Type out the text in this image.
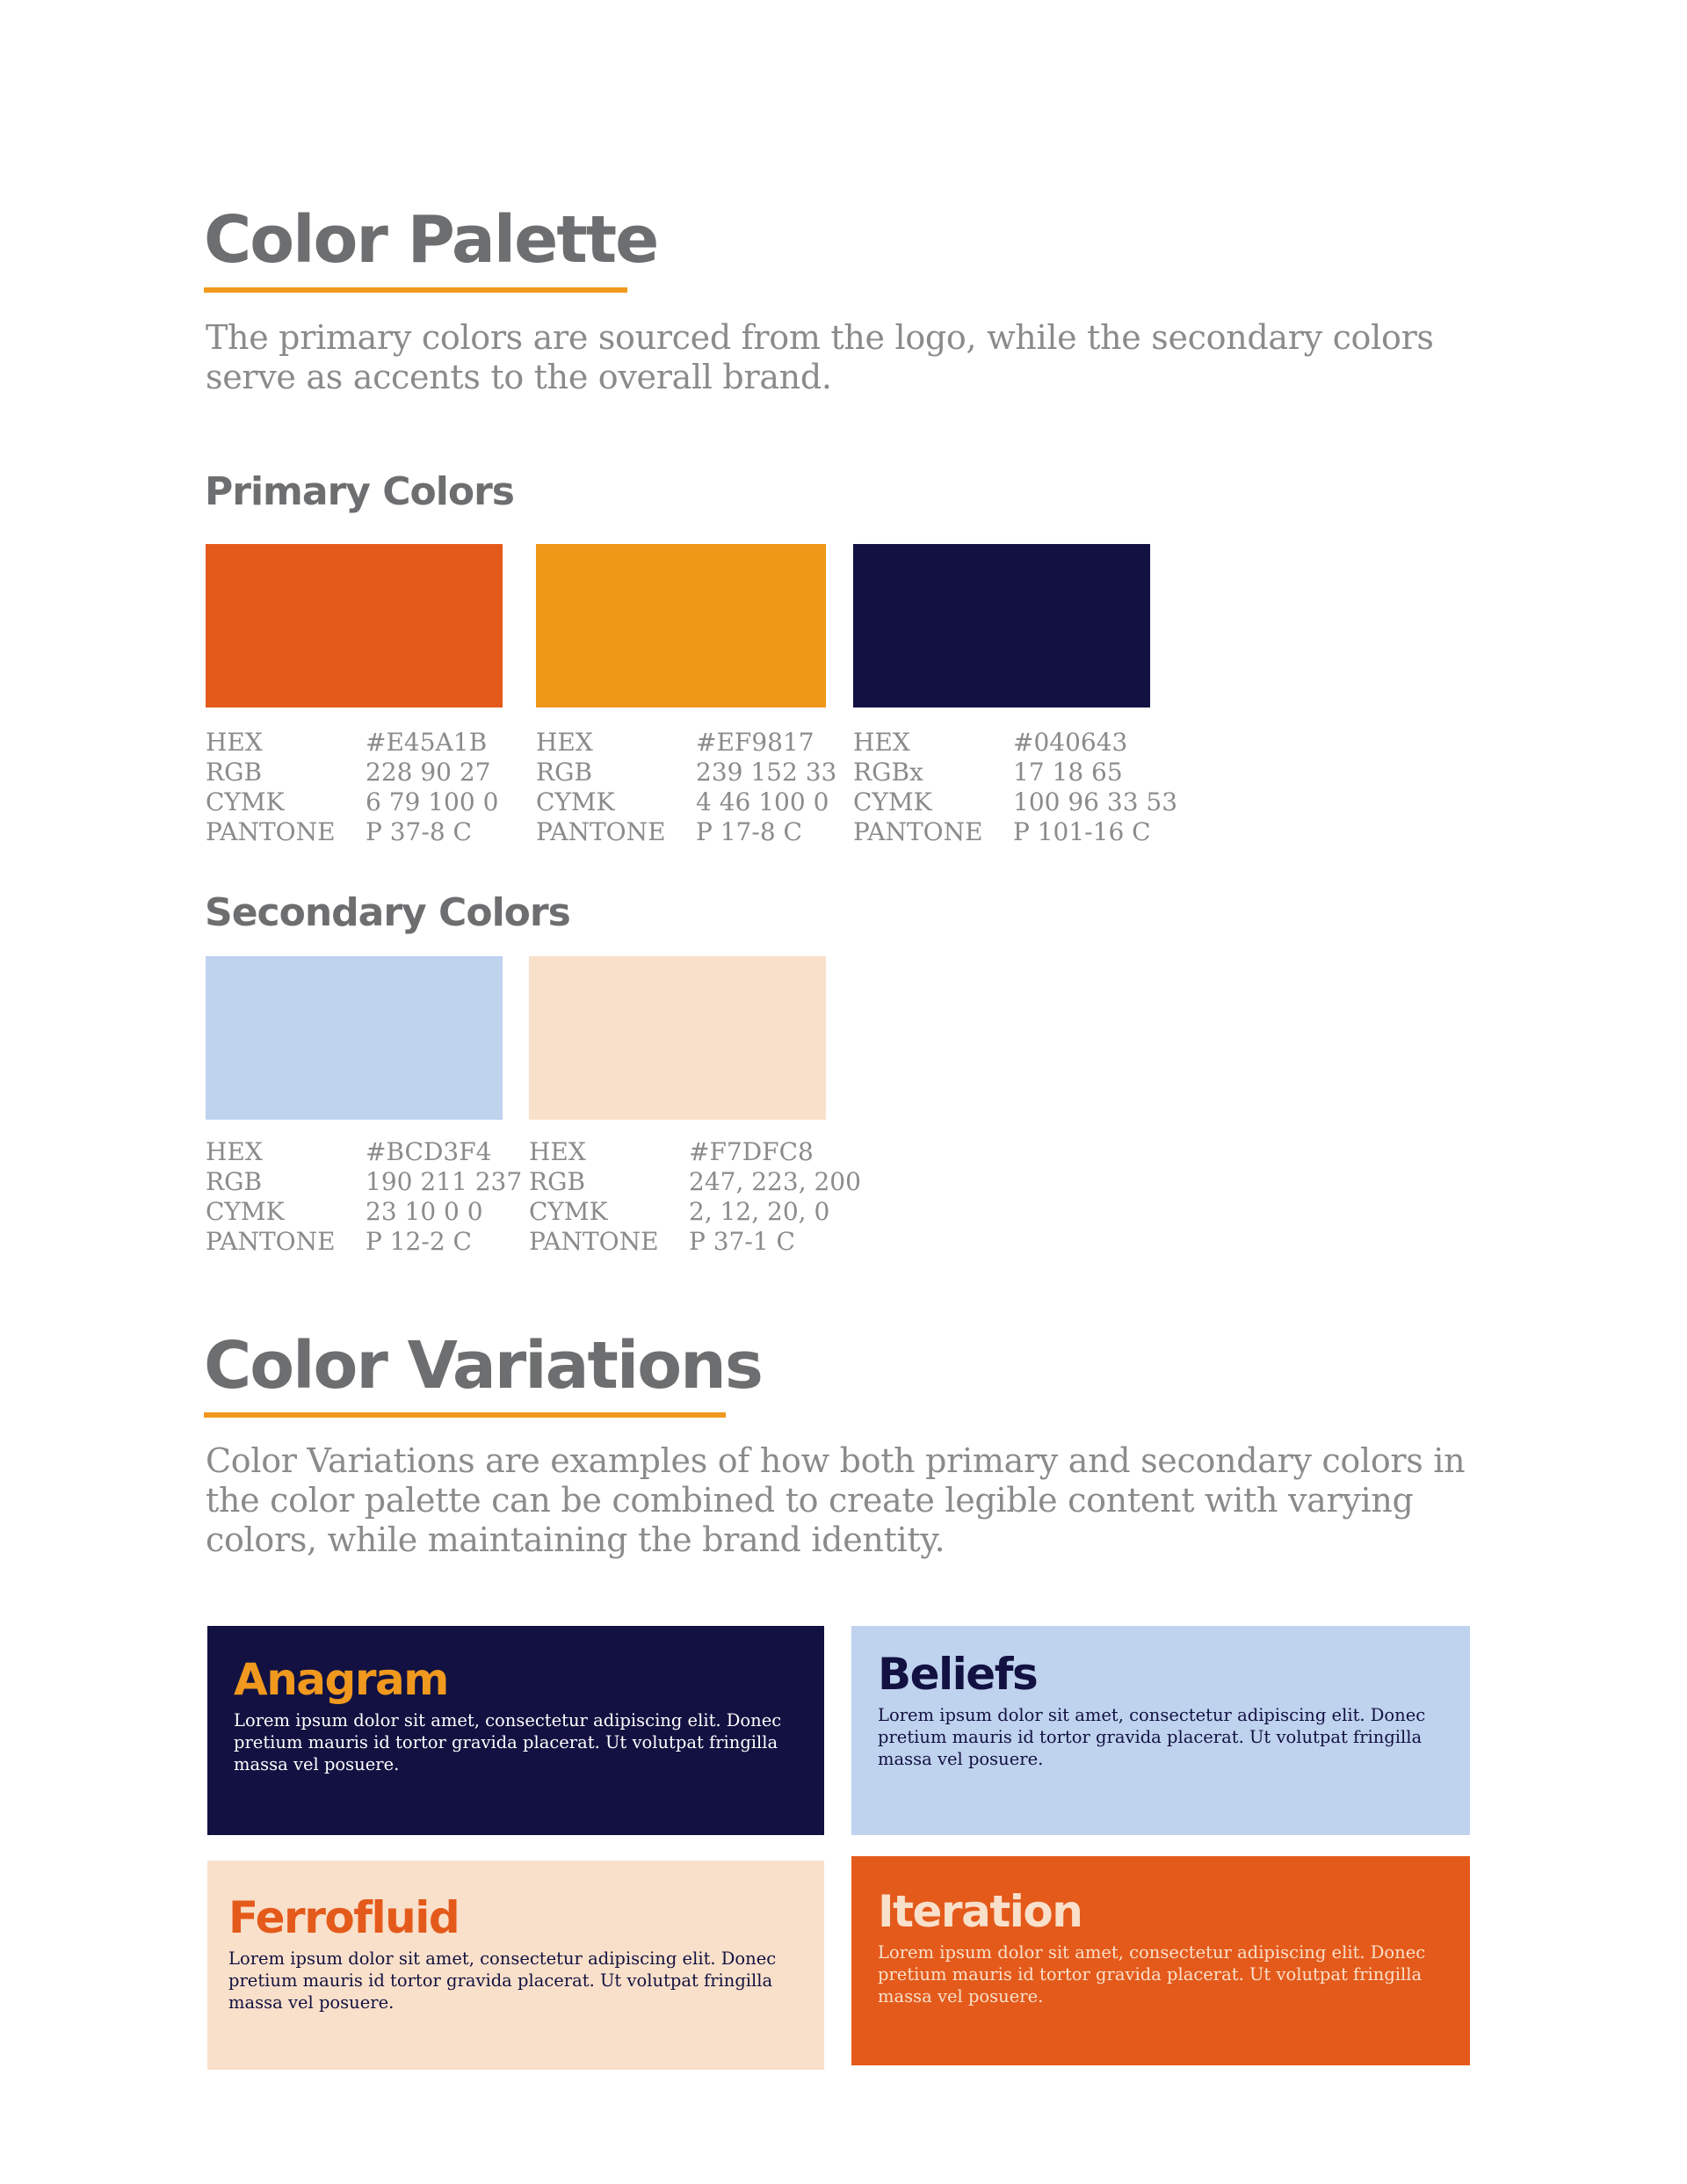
Color Palette

The primary colors are sourced from the logo, while the secondary colors serve as accents to the overall brand.

Primary Colors
HEX	#E45A1B
RGB	228 90 27
CYMK	6 79 100 0
PANTONE	P 37-8 C
HEX	#EF9817
RGB	239 152 33
CYMK	4 46 100 0
PANTONE	P 17-8 C
HEX	#040643
RGBx	17 18 65
CYMK	100 96 33 53
PANTONE	P 101-16 C
Secondary Colors
HEX	#BCD3F4
RGB	190 211 237
CYMK	23 10 0 0
PANTONE	P 12-2 C
HEX	#F7DFC8
RGB	247, 223, 200
CYMK	2, 12, 20, 0
PANTONE	P 37-1 C
Color Variations

Color Variations are examples of how both primary and secondary colors in the color palette can be combined to create legible content with varying colors, while maintaining the brand identity.

Anagram

Lorem ipsum dolor sit amet, consectetur adipiscing elit. Donec pretium mauris id tortor gravida placerat. Ut volutpat fringilla massa vel posuere.

Beliefs

Lorem ipsum dolor sit amet, consectetur adipiscing elit. Donec pretium mauris id tortor gravida placerat. Ut volutpat fringilla massa vel posuere.

Ferrofluid

Lorem ipsum dolor sit amet, consectetur adipiscing elit. Donec pretium mauris id tortor gravida placerat. Ut volutpat fringilla massa vel posuere.

Iteration

Lorem ipsum dolor sit amet, consectetur adipiscing elit. Donec pretium mauris id tortor gravida placerat. Ut volutpat fringilla massa vel posuere.
